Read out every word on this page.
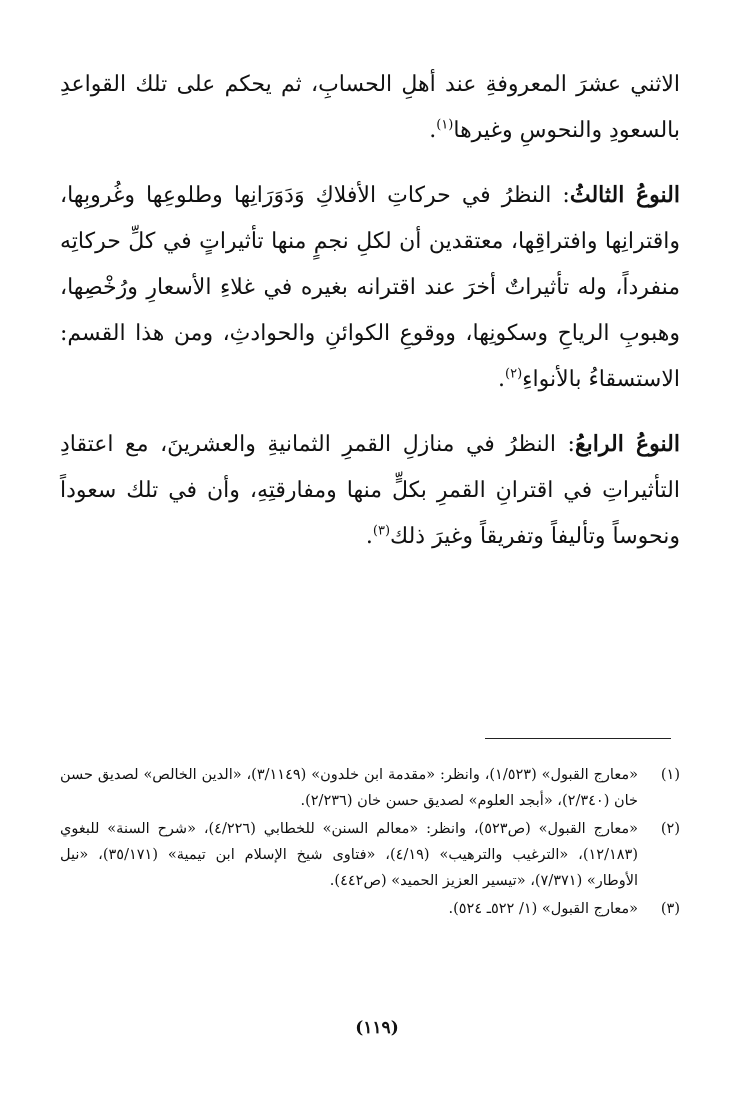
الاثني عشرَ المعروفةِ عند أهلِ الحسابِ، ثم يحكم على تلك القواعدِ بالسعودِ والنحوسِ وغيرها$^{(١)}$.

النوعُ الثالثُ: النظرُ في حركاتِ الأفلاكِ وَدَوَرَانِها وطلوعِها وغُروبِها، واقترانِها وافتراقِها، معتقدين أن لكلِ نجمٍ منها تأثيراتٍ في كلِّ حركاتِه منفرداً، وله تأثيراتٌ أخرَ عند اقترانه بغيره في غلاءِ الأسعارِ ورُخْصِها، وهبوبِ الرياحِ وسكونِها، ووقوعِ الكوائنِ والحوادثِ، ومن هذا القسم: الاستسقاءُ بالأنواءِ$^{(٢)}$.

النوعُ الرابعُ: النظرُ في منازلِ القمرِ الثمانيةِ والعشرينَ، مع اعتقادِ التأثيراتِ في اقترانِ القمرِ بكلٍّ منها ومفارقتِهِ، وأن في تلك سعوداً ونحوساً وتأليفاً وتفريقاً وغيرَ ذلك$^{(٣)}$.

(١)
«معارج القبول» (١/٥٢٣)، وانظر: «مقدمة ابن خلدون» (٣/١١٤٩)، «الدين الخالص» لصديق حسن خان (٢/٣٤٠)، «أبجد العلوم» لصديق حسن خان (٢/٢٣٦).
(٢)
«معارج القبول» (ص٥٢٣)، وانظر: «معالم السنن» للخطابي (٤/٢٢٦)، «شرح السنة» للبغوي (١٢/١٨٣)، «الترغيب والترهيب» (٤/١٩)، «فتاوى شيخ الإسلام ابن تيمية» (٣٥/١٧١)، «نيل الأوطار» (٧/٣٧١)، «تيسير العزيز الحميد» (ص٤٤٢).
(٣)
«معارج القبول» (١/ ٥٢٢ـ ٥٢٤).
(١١٩)
